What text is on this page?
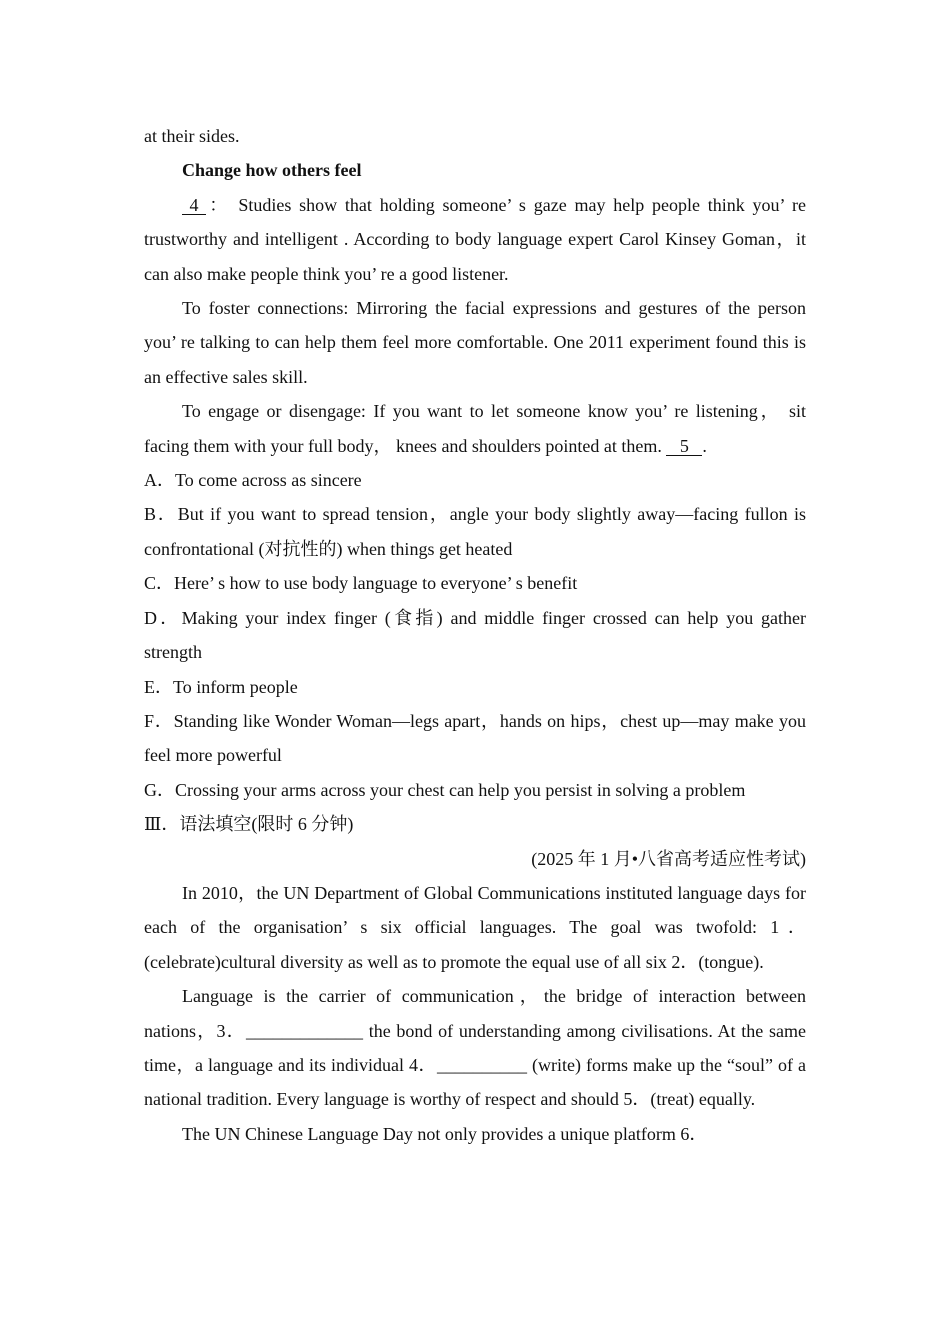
at their sides.

Change how others feel

4 ： Studies show that holding someone’ s gaze may help people think you’ re trustworthy and intelligent . According to body language expert Carol Kinsey Goman，it can also make people think you’ re a good listener.

To foster connections: Mirroring the facial expressions and gestures of the person you’ re talking to can help them feel more comfortable. One 2011 experiment found this is an effective sales skill.

To engage or disengage: If you want to let someone know you’ re listening， sit facing them with your full body， knees and shoulders pointed at them. 5 .

A．To come across as sincere

B．But if you want to spread tension，angle your body slightly away—facing fullon is confrontational (对抗性的) when things get heated

C．Here’ s how to use body language to everyone’ s benefit

D．Making your index finger (食指) and middle finger crossed can help you gather strength

E．To inform people

F．Standing like Wonder Woman—legs apart，hands on hips，chest up—may make you feel more powerful

G．Crossing your arms across your chest can help you persist in solving a problem

Ⅲ．语法填空(限时 6 分钟)

(2025 年 1 月•八省高考适应性考试)

In 2010，the UN Department of Global Communications instituted language days for each of the organisation’ s six official languages. The goal was twofold: 1．(celebrate)cultural diversity as well as to promote the equal use of all six 2．(tongue).

Language is the carrier of communication，the bridge of interaction between nations，3．_____________ the bond of understanding among civilisations. At the same time，a language and its individual 4．__________ (write) forms make up the “soul” of a national tradition. Every language is worthy of respect and should 5．(treat) equally.

The UN Chinese Language Day not only provides a unique platform 6．
